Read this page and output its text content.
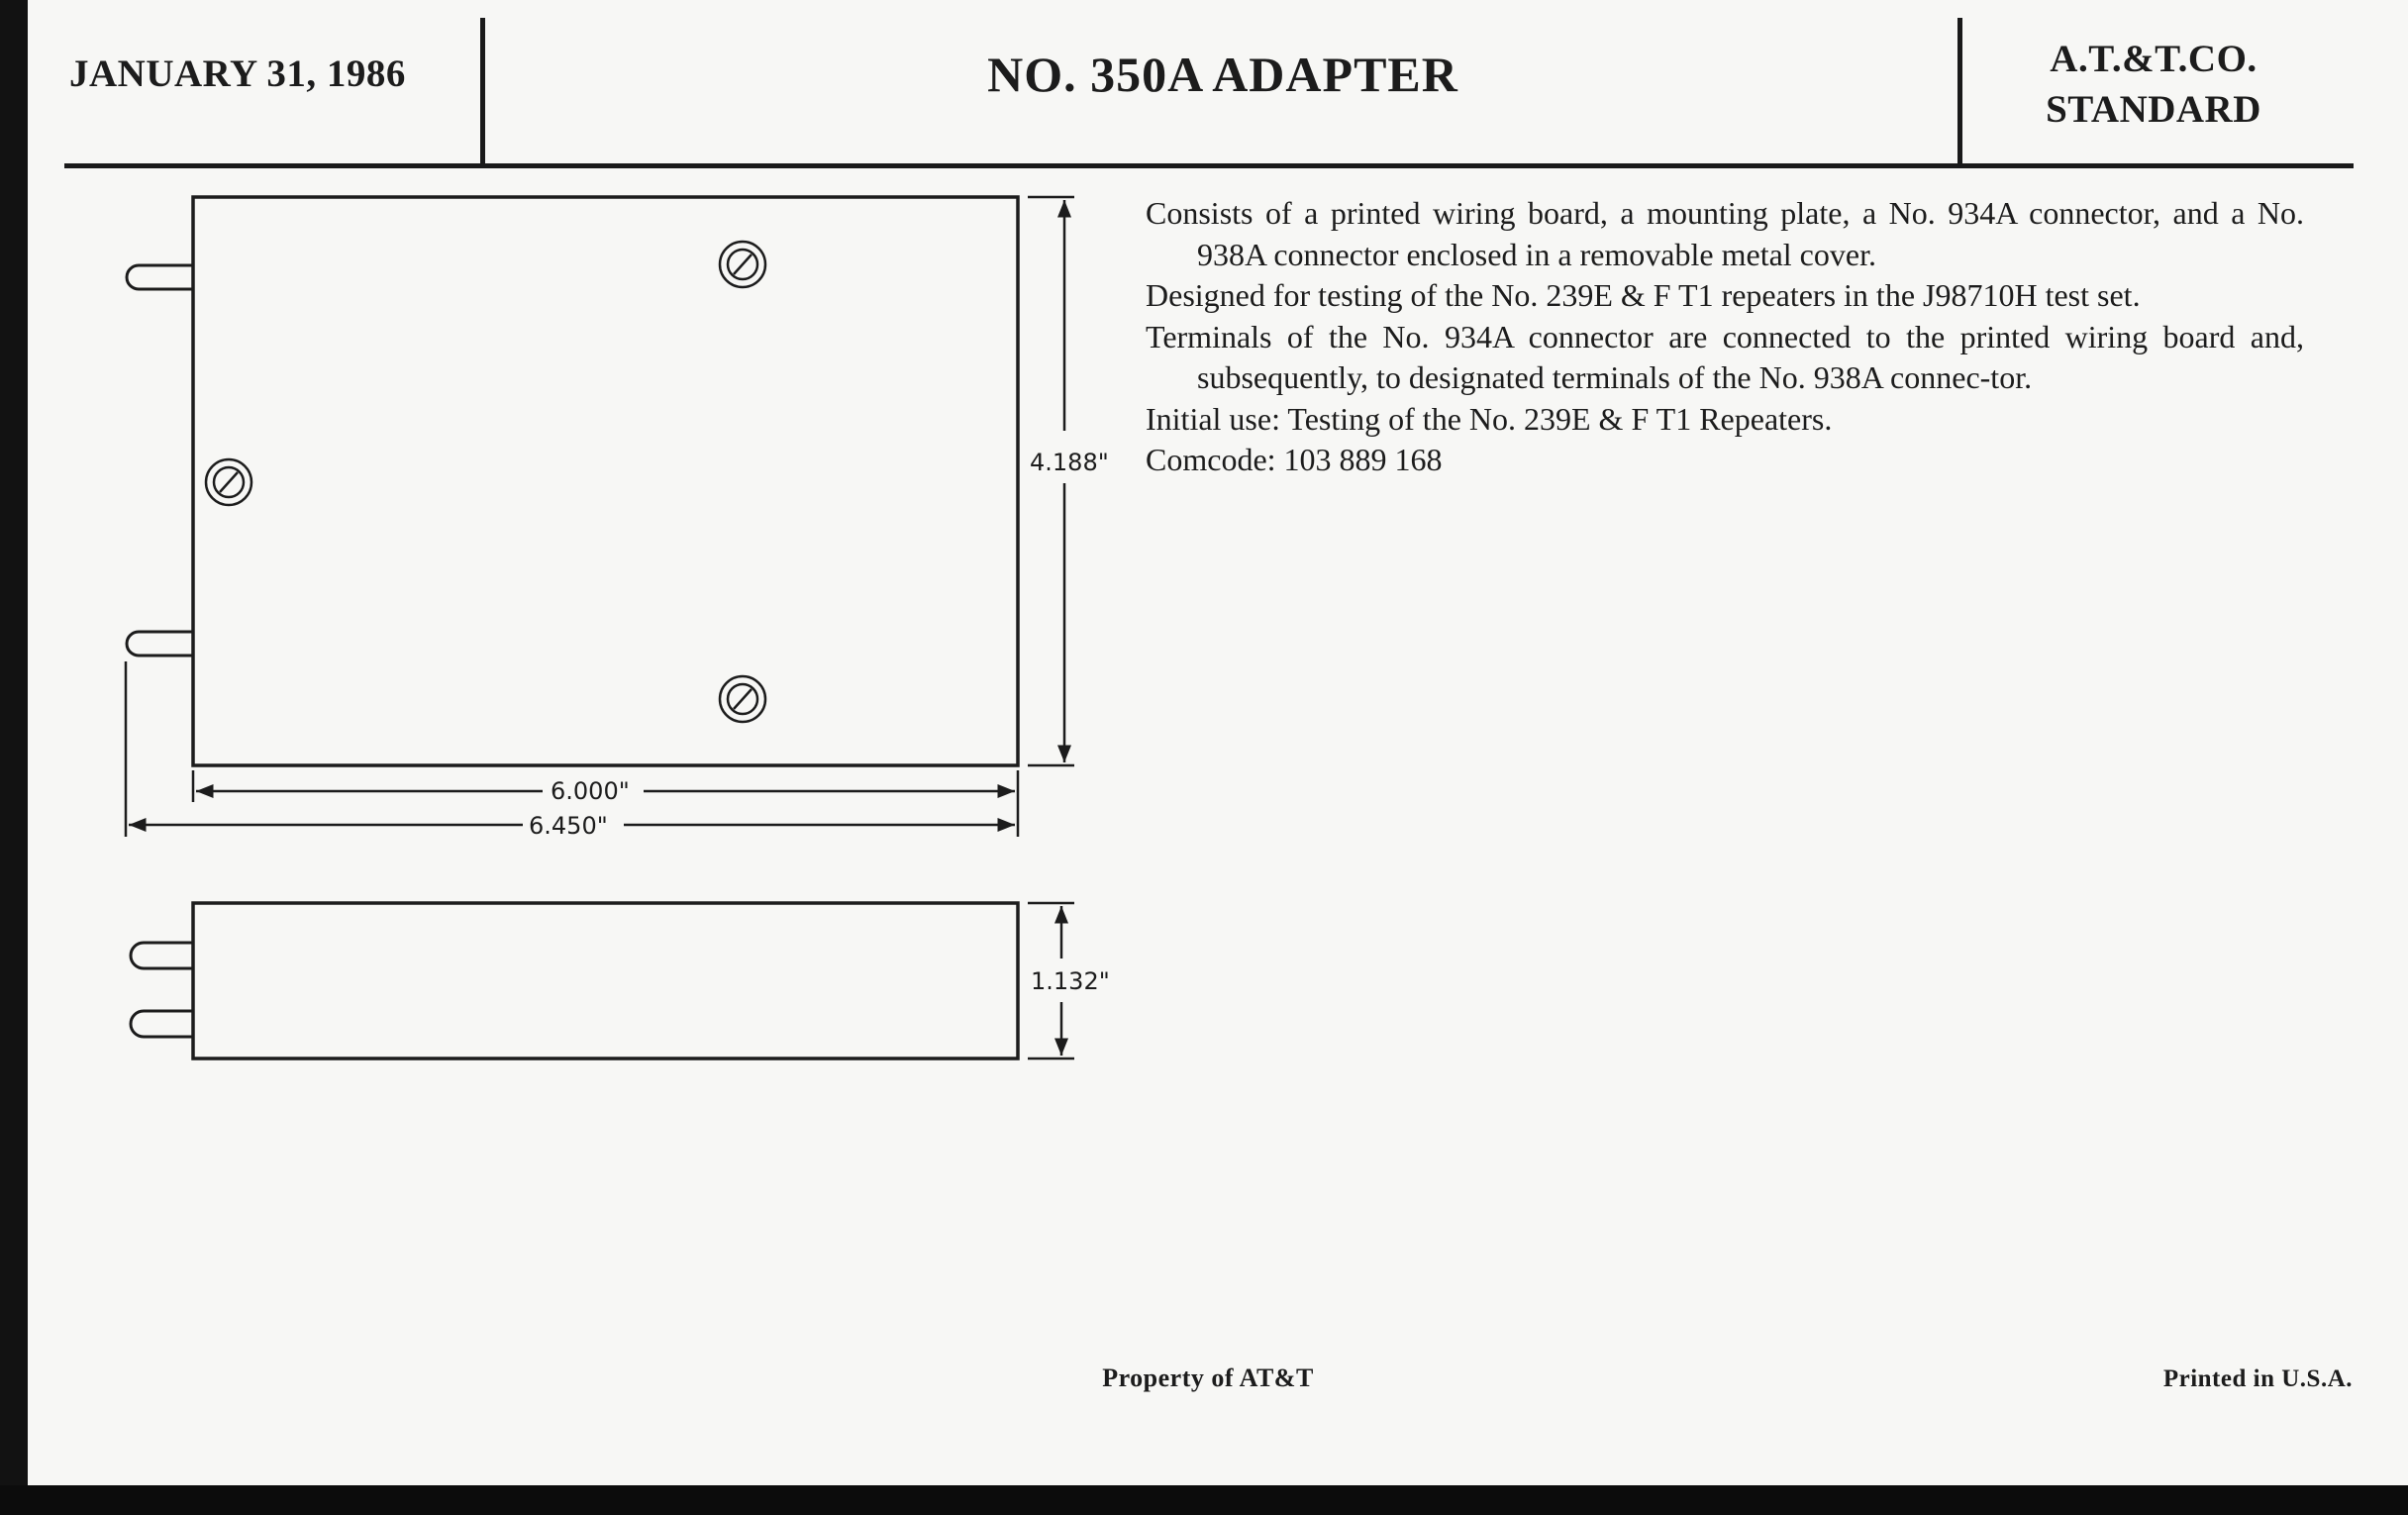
JANUARY 31, 1986	NO. 350A ADAPTER	A.T.&T.CO.
STANDARD
4.188"
6.000"
6.450"
1.132"

Consists of a printed wiring board, a mounting plate, a No. 934A connector, and a No. 938A connector enclosed in a removable metal cover.

Designed for testing of the No. 239E & F T1 repeaters in the J98710H test set.

Terminals of the No. 934A connector are connected to the printed wiring board and, subsequently, to designated terminals of the No. 938A connec-tor.

Initial use: Testing of the No. 239E & F T1 Repeaters.

Comcode: 103 889 168

Property of AT&T	Printed in U.S.A.
